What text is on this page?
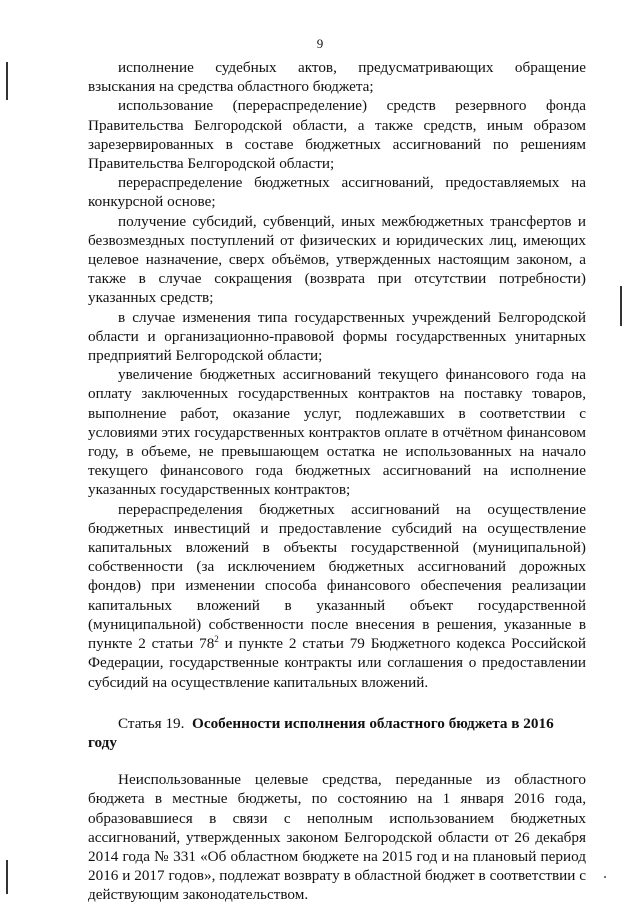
9

исполнение судебных актов, предусматривающих обращение взыскания на средства областного бюджета;

использование (перераспределение) средств резервного фонда Правительства Белгородской области, а также средств, иным образом зарезервированных в составе бюджетных ассигнований по решениям Правительства Белгородской области;

перераспределение бюджетных ассигнований, предоставляемых на конкурсной основе;

получение субсидий, субвенций, иных межбюджетных трансфертов и безвозмездных поступлений от физических и юридических лиц, имеющих целевое назначение, сверх объёмов, утвержденных настоящим законом, а также в случае сокращения (возврата при отсутствии потребности) указанных средств;

в случае изменения типа государственных учреждений Белгородской области и организационно-правовой формы государственных унитарных предприятий Белгородской области;

увеличение бюджетных ассигнований текущего финансового года на оплату заключенных государственных контрактов на поставку товаров, выполнение работ, оказание услуг, подлежавших в соответствии с условиями этих государственных контрактов оплате в отчётном финансовом году, в объеме, не превышающем остатка не использованных на начало текущего финансового года бюджетных ассигнований на исполнение указанных государственных контрактов;

перераспределения бюджетных ассигнований на осуществление бюджетных инвестиций и предоставление субсидий на осуществление капитальных вложений в объекты государственной (муниципальной) собственности (за исключением бюджетных ассигнований дорожных фондов) при изменении способа финансового обеспечения реализации капитальных вложений в указанный объект государственной (муниципальной) собственности после внесения в решения, указанные в пункте 2 статьи $78^2$ и пункте 2 статьи 79 Бюджетного кодекса Российской Федерации, государственные контракты или соглашения о предоставлении субсидий на осуществление капитальных вложений.

Статья 19. Особенности исполнения областного бюджета в 2016 году

Неиспользованные целевые средства, переданные из областного бюджета в местные бюджеты, по состоянию на 1 января 2016 года, образовавшиеся в связи с неполным использованием бюджетных ассигнований, утвержденных законом Белгородской области от 26 декабря 2014 года № 331 «Об областном бюджете на 2015 год и на плановый период 2016 и 2017 годов», подлежат возврату в областной бюджет в соответствии с действующим законодательством.
